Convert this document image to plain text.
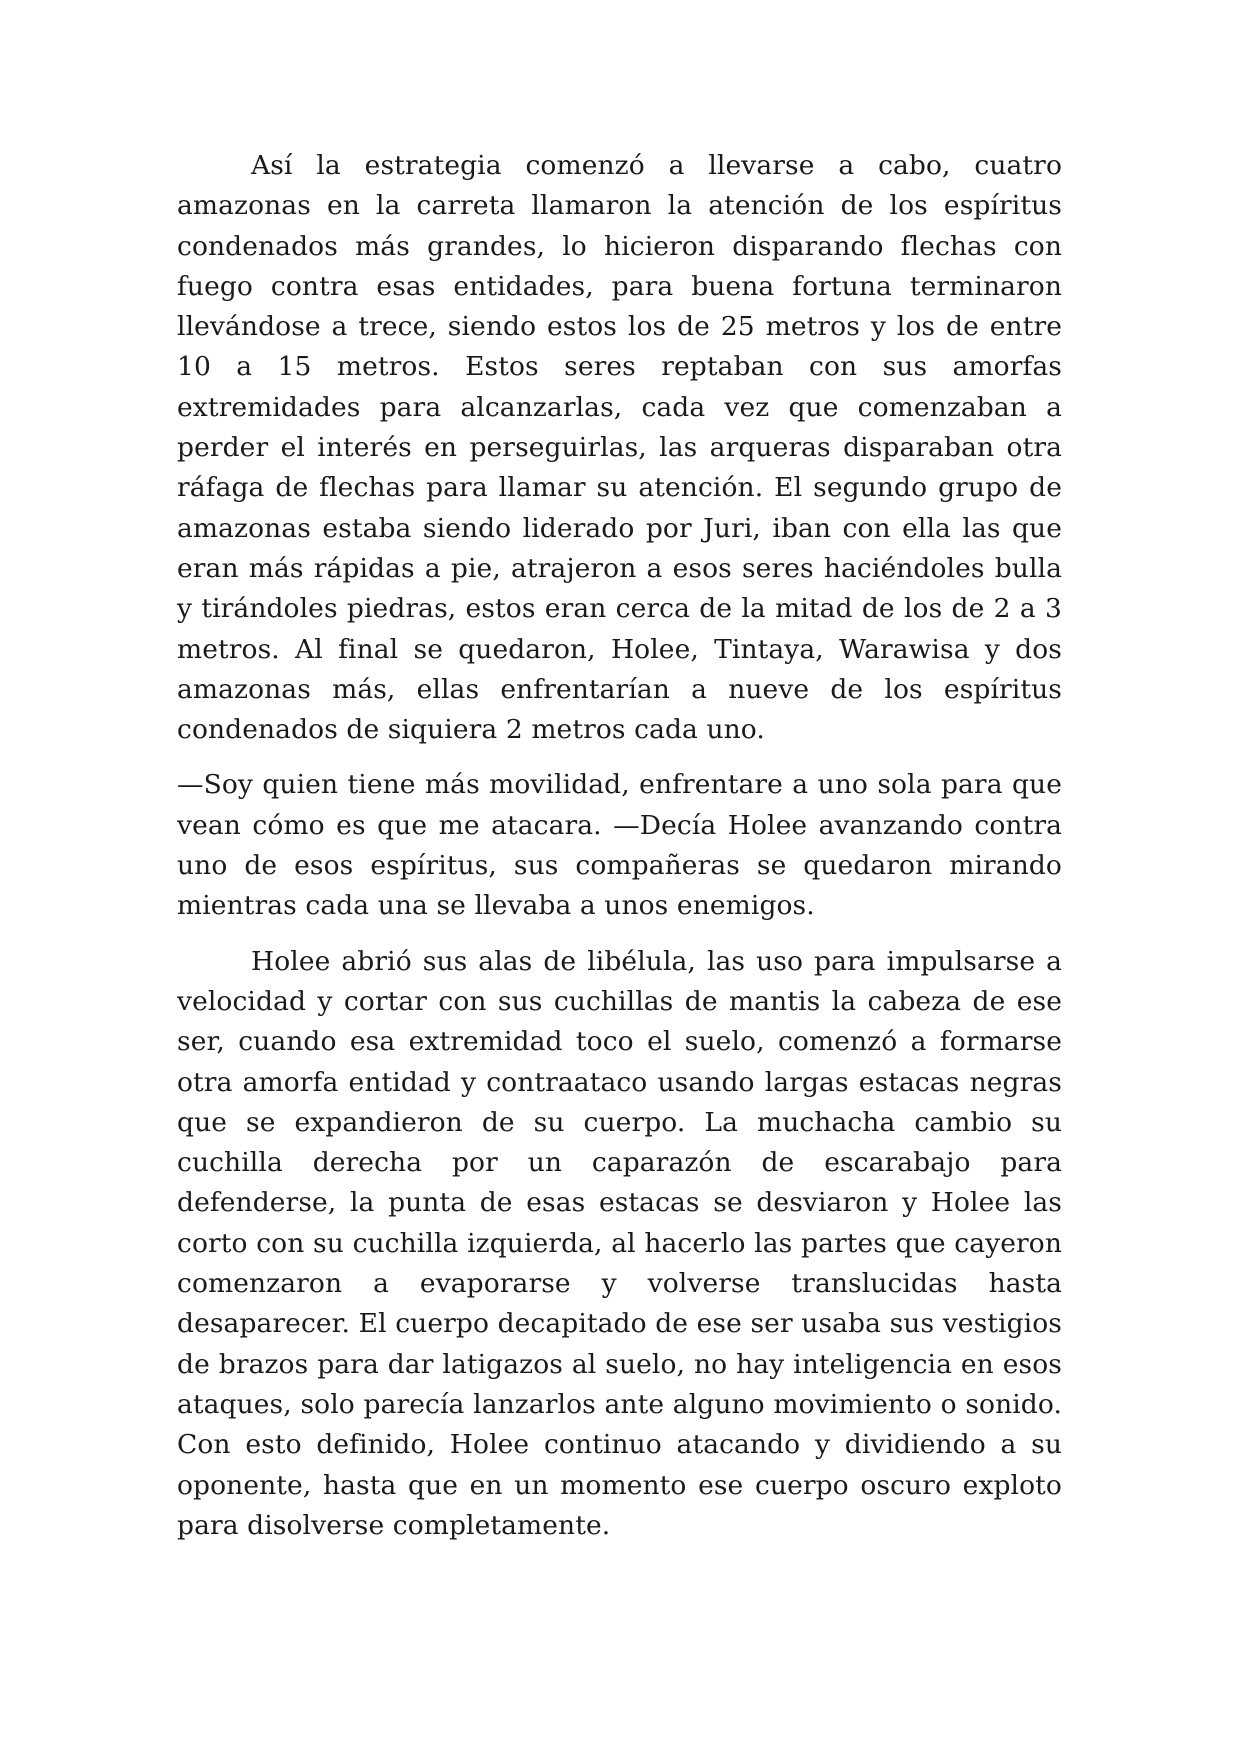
Así la estrategia comenzó a llevarse a cabo, cuatro amazonas en la carreta llamaron la atención de los espíritus condenados más grandes, lo hicieron disparando flechas con fuego contra esas entidades, para buena fortuna terminaron llevándose a trece, siendo estos los de 25 metros y los de entre 10 a 15 metros. Estos seres reptaban con sus amorfas extremidades para alcanzarlas, cada vez que comenzaban a perder el interés en perseguirlas, las arqueras disparaban otra ráfaga de flechas para llamar su atención. El segundo grupo de amazonas estaba siendo liderado por Juri, iban con ella las que eran más rápidas a pie, atrajeron a esos seres haciéndoles bulla y tirándoles piedras, estos eran cerca de la mitad de los de 2 a 3 metros. Al final se quedaron, Holee, Tintaya, Warawisa y dos amazonas más, ellas enfrentarían a nueve de los espíritus condenados de siquiera 2 metros cada uno.

—Soy quien tiene más movilidad, enfrentare a uno sola para que vean cómo es que me atacara. —Decía Holee avanzando contra uno de esos espíritus, sus compañeras se quedaron mirando mientras cada una se llevaba a unos enemigos.

Holee abrió sus alas de libélula, las uso para impulsarse a velocidad y cortar con sus cuchillas de mantis la cabeza de ese ser, cuando esa extremidad toco el suelo, comenzó a formarse otra amorfa entidad y contraataco usando largas estacas negras que se expandieron de su cuerpo. La muchacha cambio su cuchilla derecha por un caparazón de escarabajo para defenderse, la punta de esas estacas se desviaron y Holee las corto con su cuchilla izquierda, al hacerlo las partes que cayeron comenzaron a evaporarse y volverse translucidas hasta desaparecer. El cuerpo decapitado de ese ser usaba sus vestigios de brazos para dar latigazos al suelo, no hay inteligencia en esos ataques, solo parecía lanzarlos ante alguno movimiento o sonido. Con esto definido, Holee continuo atacando y dividiendo a su oponente, hasta que en un momento ese cuerpo oscuro exploto para disolverse completamente.
